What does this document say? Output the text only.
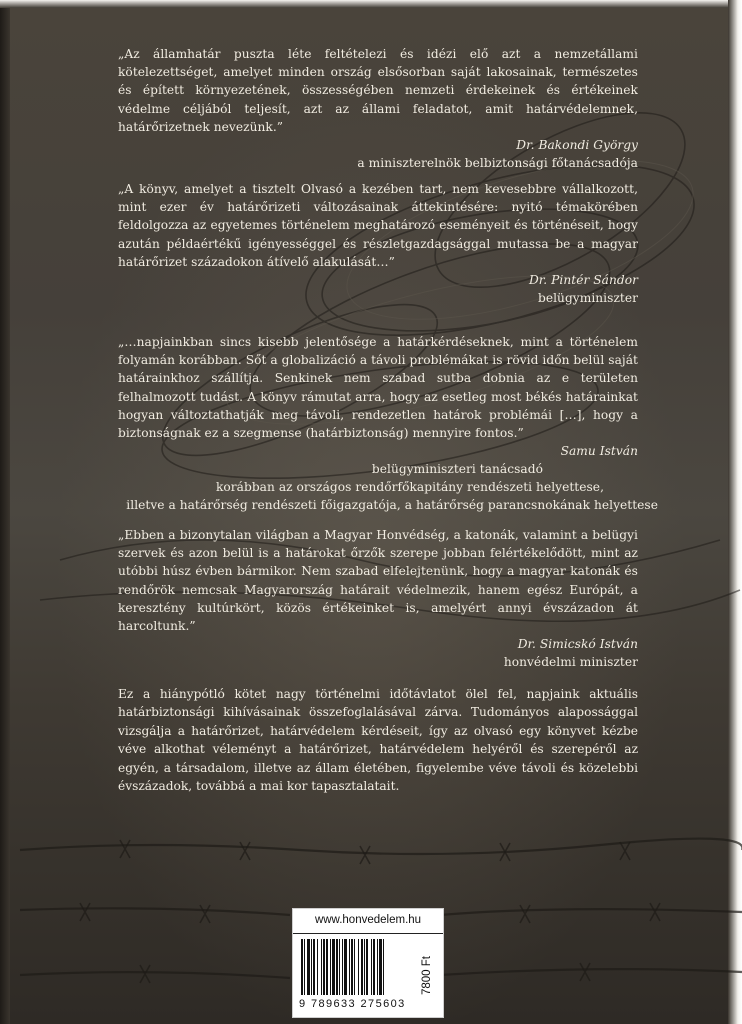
„Az államhatár puszta léte feltételezi és idézi elő azt a nemzetállami kötelezettséget, amelyet minden ország elsősorban saját lakosainak, természetes és épített környezetének, összességében nemzeti érdekeinek és értékeinek védelme céljából teljesít, azt az állami feladatot, amit határvédelemnek, határőrizetnek nevezünk.”
Dr. Bakondi György
a miniszterelnök belbiztonsági főtanácsadója
„A könyv, amelyet a tisztelt Olvasó a kezében tart, nem kevesebbre vállalkozott, mint ezer év határőrizeti változásainak áttekintésére: nyitó témakörében feldolgozza az egyetemes történelem meghatározó eseményeit és történéseit, hogy azután példaértékű igényességgel és részletgazdagsággal mutassa be a magyar határőrizet századokon átívelő alakulását…”
Dr. Pintér Sándor
belügyminiszter
„…napjainkban sincs kisebb jelentősége a határkérdéseknek, mint a történelem folyamán korábban. Sőt a globalizáció a távoli problémákat is rövid időn belül saját határainkhoz szállítja. Senkinek nem szabad sutba dobnia az e területen felhalmozott tudást. A könyv rámutat arra, hogy az esetleg most békés határainkat hogyan változtathatják meg távoli, rendezetlen határok problémái […], hogy a biztonságnak ez a szegmense (határbiztonság) mennyire fontos.”
Samu István
belügyminiszteri tanácsadó
korábban az országos rendőrfőkapitány rendészeti helyettese,
illetve a határőrség rendészeti főigazgatója, a határőrség parancsnokának helyettese
„Ebben a bizonytalan világban a Magyar Honvédség, a katonák, valamint a belügyi szervek és azon belül is a határokat őrzők szerepe jobban felértékelődött, mint az utóbbi húsz évben bármikor. Nem szabad elfelejtenünk, hogy a magyar katonák és rendőrök nemcsak Magyarország határait védelmezik, hanem egész Európát, a keresztény kultúrkört, közös értékeinket is, amelyért annyi évszázadon át harcoltunk.”
Dr. Simicskó István
honvédelmi miniszter
Ez a hiánypótló kötet nagy történelmi időtávlatot ölel fel, napjaink aktuális határbiztonsági kihívásainak összefoglalásával zárva. Tudományos alapossággal vizsgálja a határőrizet, határvédelem kérdéseit, így az olvasó egy könyvet kézbe véve alkothat véleményt a határőrizet, határvédelem helyéről és szerepéről az egyén, a társadalom, illetve az állam életében, figyelembe véve távoli és közelebbi évszázadok, továbbá a mai kor tapasztalatait.
www.honvedelem.hu
9 789633 275603
7800 Ft
